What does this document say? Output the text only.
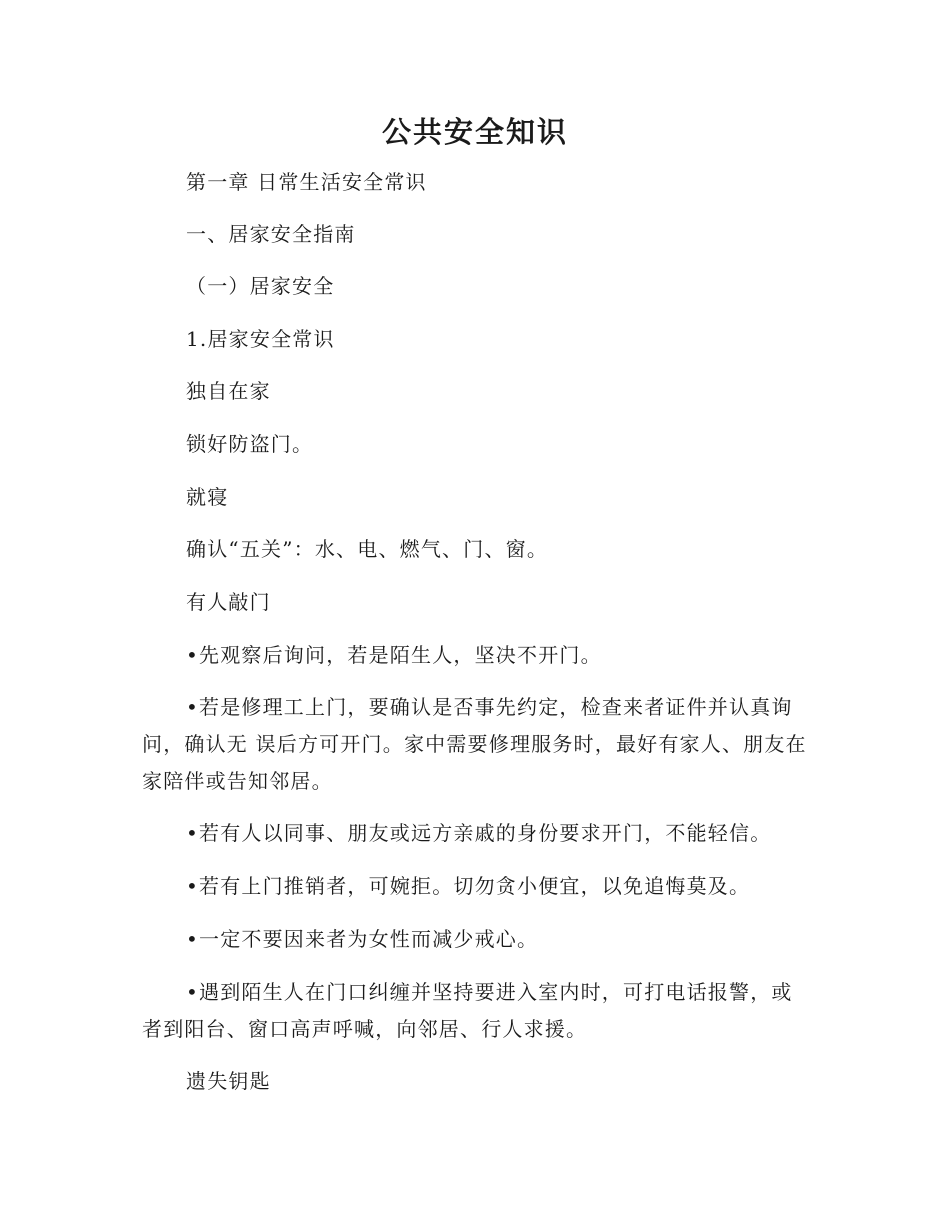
公共安全知识

第一章 日常生活安全常识

一、居家安全指南

（一）居家安全

1.居家安全常识

独自在家

锁好防盗门。

就寝

确认“五关”：水、电、燃气、门、窗。

有人敲门

•先观察后询问，若是陌生人，坚决不开门。

•若是修理工上门，要确认是否事先约定，检查来者证件并认真询问，确认无 误后方可开门。家中需要修理服务时，最好有家人、朋友在家陪伴或告知邻居。

•若有人以同事、朋友或远方亲戚的身份要求开门，不能轻信。

•若有上门推销者，可婉拒。切勿贪小便宜，以免追悔莫及。

•一定不要因来者为女性而减少戒心。

•遇到陌生人在门口纠缠并坚持要进入室内时，可打电话报警，或者到阳台、窗口高声呼喊，向邻居、行人求援。

遗失钥匙
